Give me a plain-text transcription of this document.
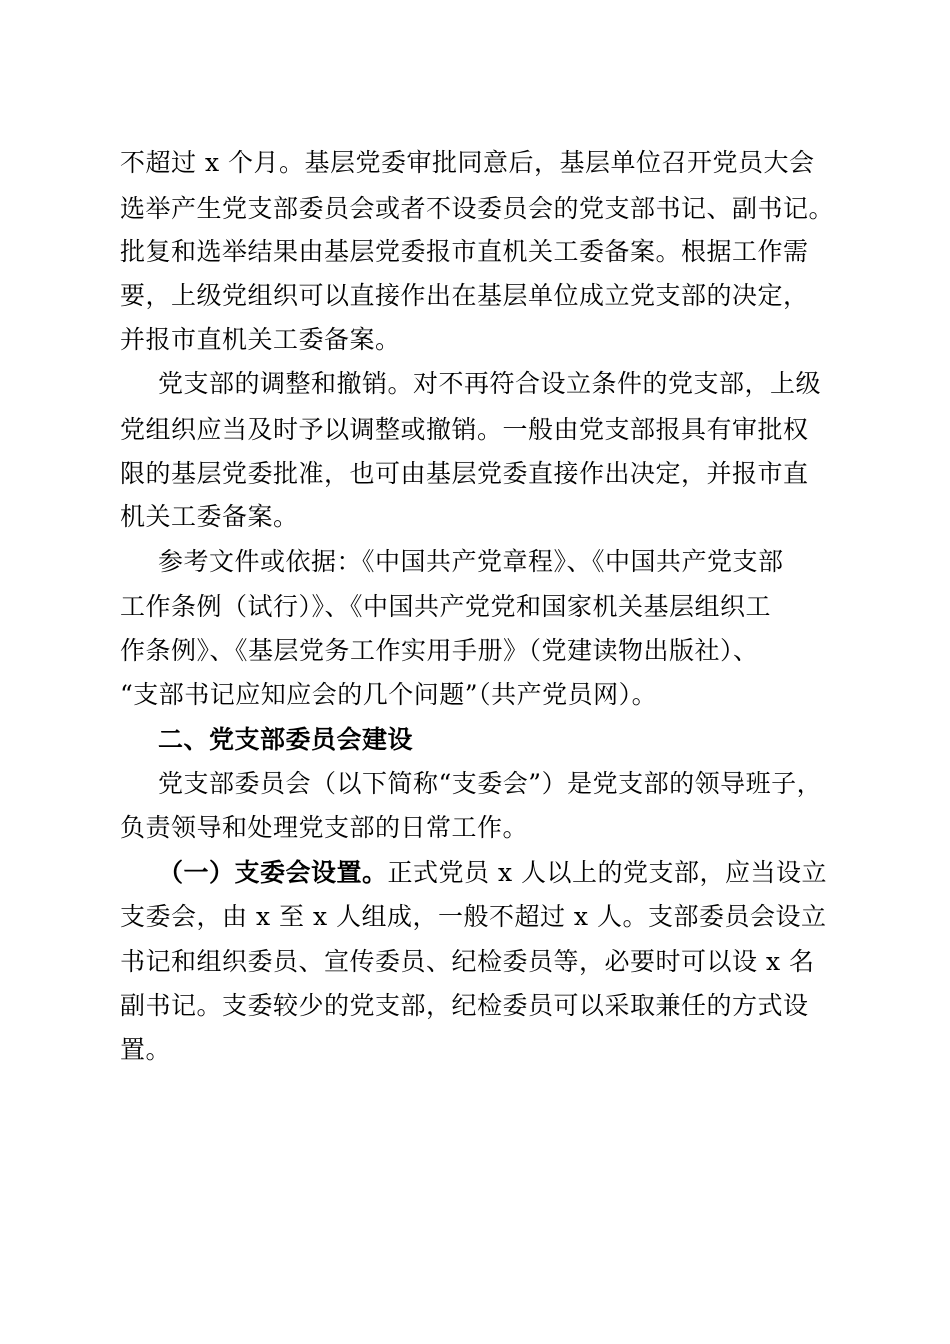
不超过 x 个月。基层党委审批同意后，基层单位召开党员大会
选举产生党支部委员会或者不设委员会的党支部书记、副书记。
批复和选举结果由基层党委报市直机关工委备案。根据工作需
要，上级党组织可以直接作出在基层单位成立党支部的决定，
并报市直机关工委备案。
党支部的调整和撤销。对不再符合设立条件的党支部，上级
党组织应当及时予以调整或撤销。一般由党支部报具有审批权
限的基层党委批准，也可由基层党委直接作出决定，并报市直
机关工委备案。
参考文件或依据：《中国共产党章程》、《中国共产党支部
工作条例（试行）》、《中国共产党党和国家机关基层组织工
作条例》、《基层党务工作实用手册》（党建读物出版社）、
“支部书记应知应会的几个问题”（共产党员网）。
二、党支部委员会建设
党支部委员会（以下简称“支委会”）是党支部的领导班子，
负责领导和处理党支部的日常工作。
（一）支委会设置。正式党员 x 人以上的党支部，应当设立
支委会，由 x 至 x 人组成，一般不超过 x 人。支部委员会设立
书记和组织委员、宣传委员、纪检委员等，必要时可以设 x 名
副书记。支委较少的党支部，纪检委员可以采取兼任的方式设
置。
